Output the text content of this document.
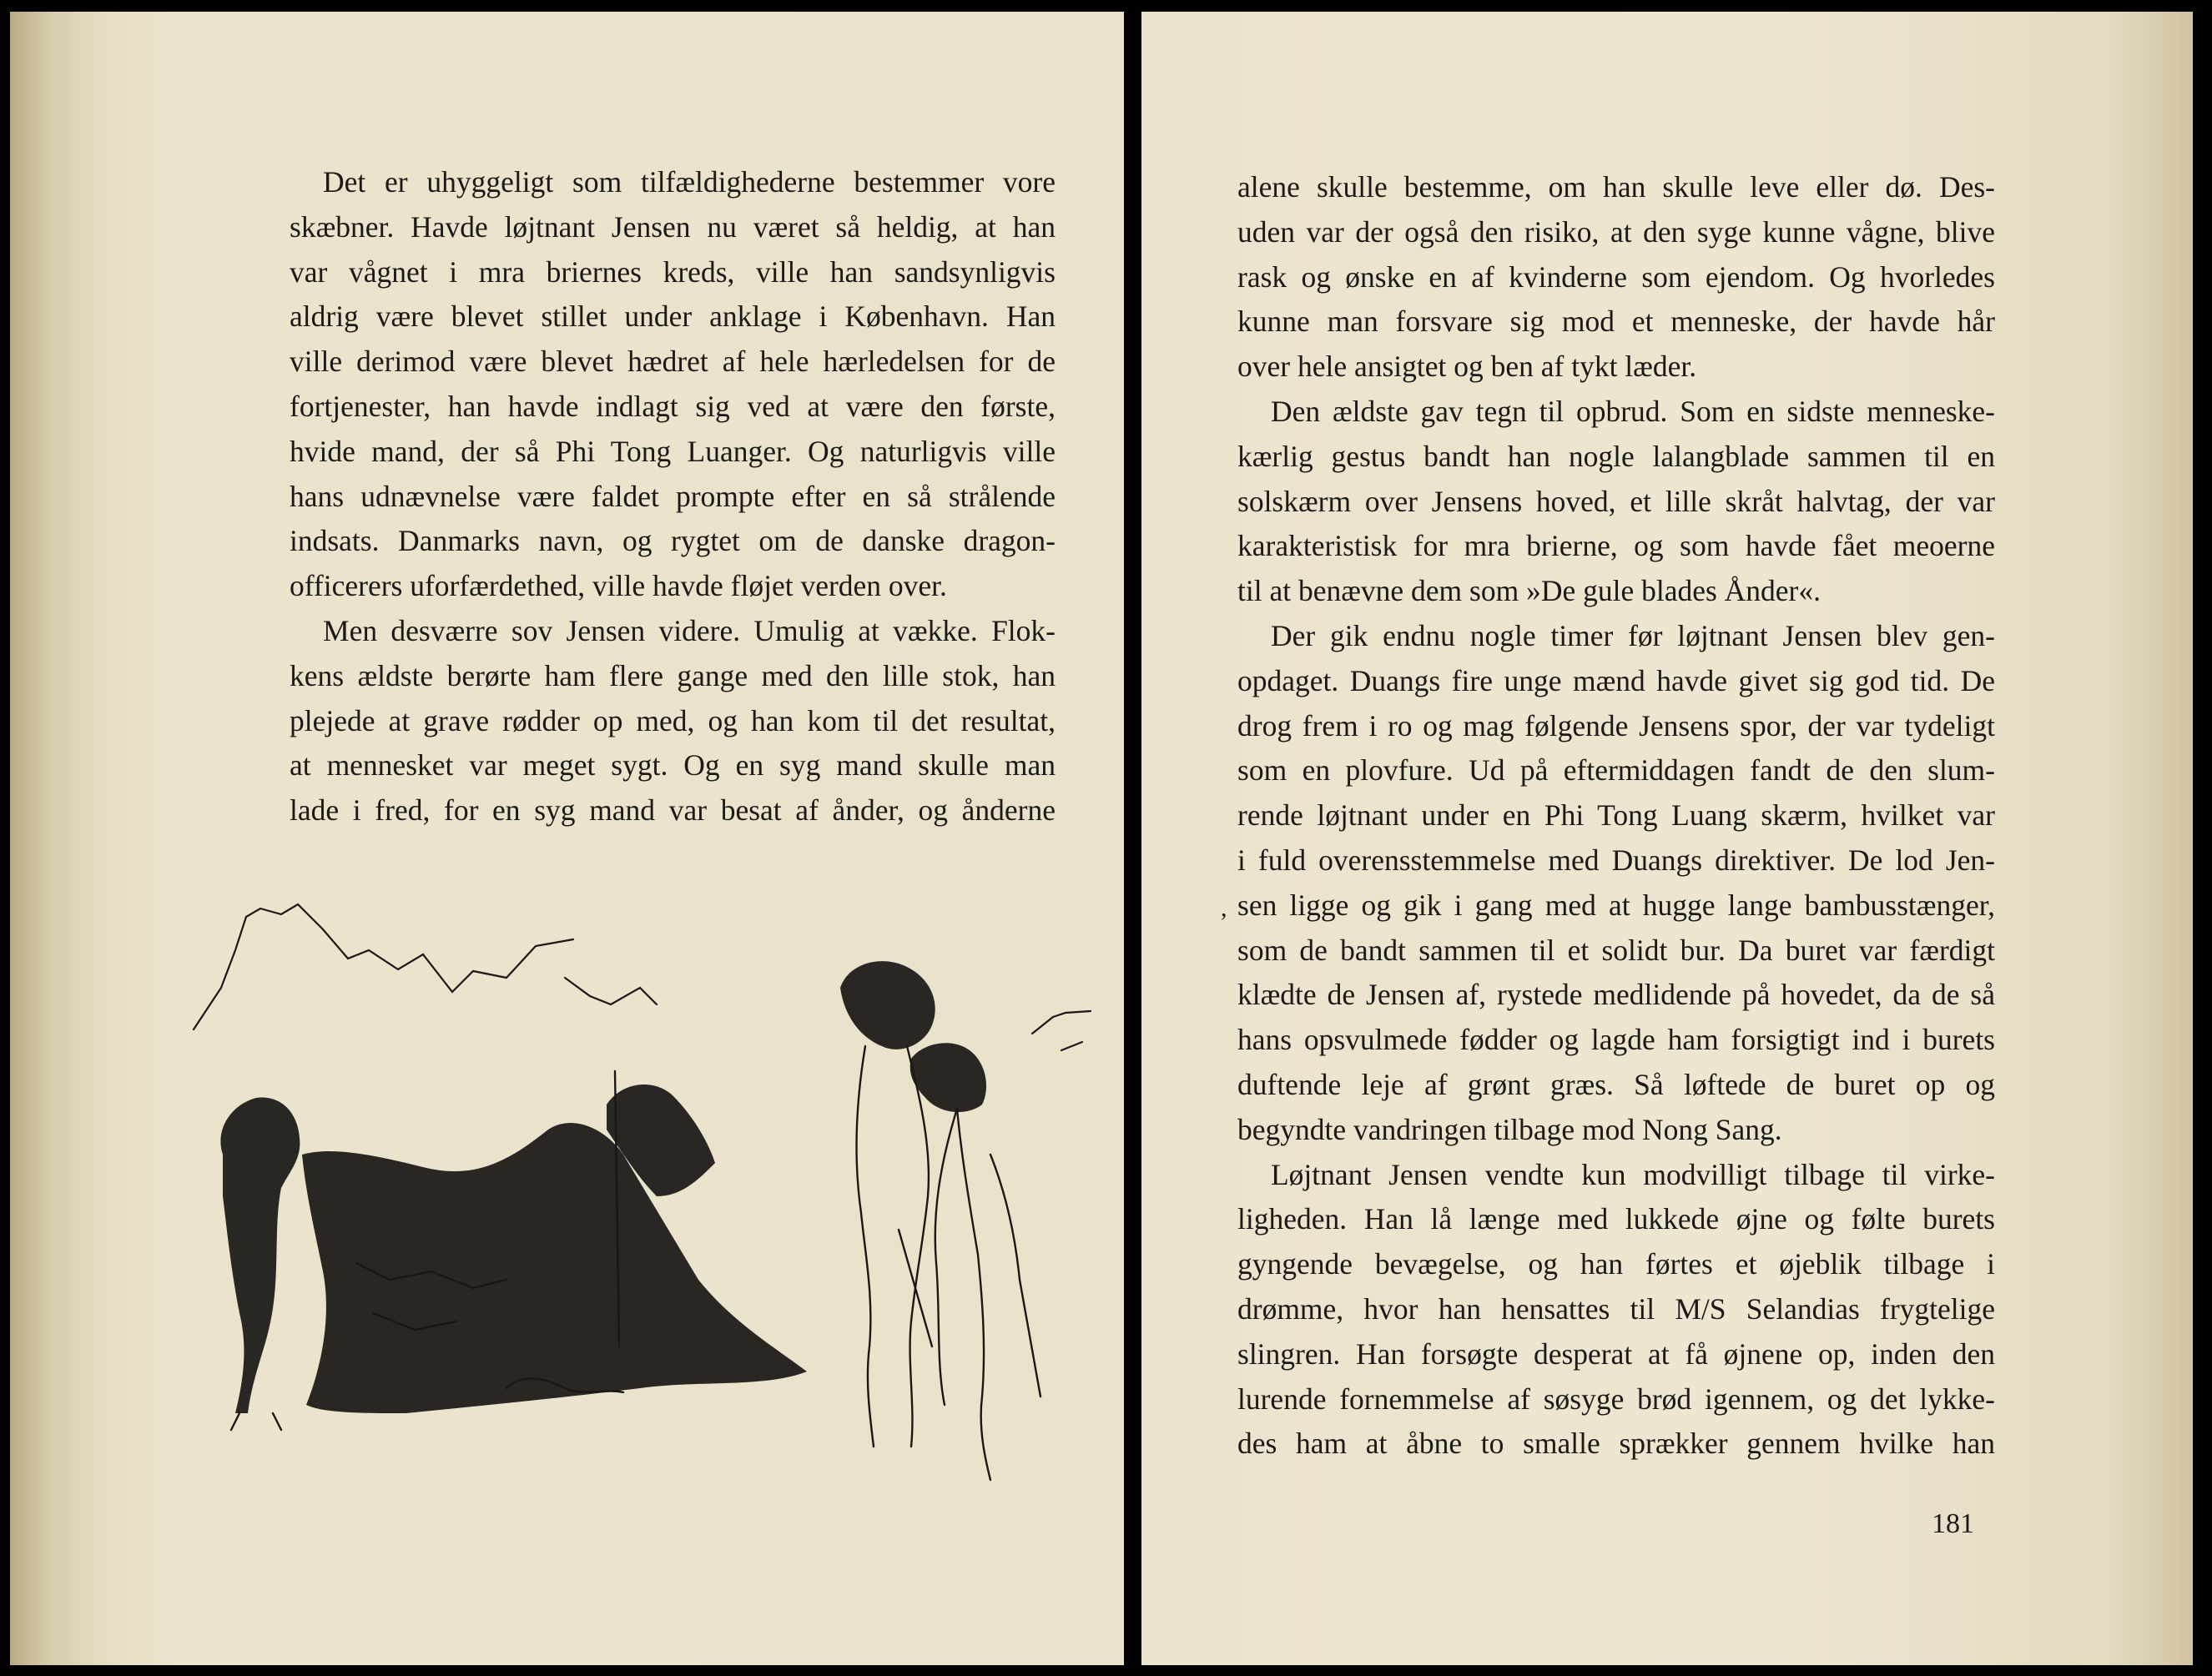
Det er uhyggeligt som tilfældighederne bestemmer vore

skæbner. Havde løjtnant Jensen nu været så heldig, at han

var vågnet i mra briernes kreds, ville han sandsynligvis

aldrig være blevet stillet under anklage i København. Han

ville derimod være blevet hædret af hele hærledelsen for de

fortjenester, han havde indlagt sig ved at være den første,

hvide mand, der så Phi Tong Luanger. Og naturligvis ville

hans udnævnelse være faldet prompte efter en så strålende

indsats. Danmarks navn, og rygtet om de danske dragon-

officerers uforfærdethed, ville havde fløjet verden over.

Men desværre sov Jensen videre. Umulig at vække. Flok-

kens ældste berørte ham flere gange med den lille stok, han

plejede at grave rødder op med, og han kom til det resultat,

at mennesket var meget sygt. Og en syg mand skulle man

lade i fred, for en syg mand var besat af ånder, og ånderne

alene skulle bestemme, om han skulle leve eller dø. Des-

uden var der også den risiko, at den syge kunne vågne, blive

rask og ønske en af kvinderne som ejendom. Og hvorledes

kunne man forsvare sig mod et menneske, der havde hår

over hele ansigtet og ben af tykt læder.

Den ældste gav tegn til opbrud. Som en sidste menneske-

kærlig gestus bandt han nogle lalangblade sammen til en

solskærm over Jensens hoved, et lille skråt halvtag, der var

karakteristisk for mra brierne, og som havde fået meoerne

til at benævne dem som »De gule blades Ånder«.

Der gik endnu nogle timer før løjtnant Jensen blev gen-

opdaget. Duangs fire unge mænd havde givet sig god tid. De

drog frem i ro og mag følgende Jensens spor, der var tydeligt

som en plovfure. Ud på eftermiddagen fandt de den slum-

rende løjtnant under en Phi Tong Luang skærm, hvilket var

i fuld overensstemmelse med Duangs direktiver. De lod Jen-

sen ligge og gik i gang med at hugge lange bambusstænger,

som de bandt sammen til et solidt bur. Da buret var færdigt

klædte de Jensen af, rystede medlidende på hovedet, da de så

hans opsvulmede fødder og lagde ham forsigtigt ind i burets

duftende leje af grønt græs. Så løftede de buret op og

begyndte vandringen tilbage mod Nong Sang.

Løjtnant Jensen vendte kun modvilligt tilbage til virke-

ligheden. Han lå længe med lukkede øjne og følte burets

gyngende bevægelse, og han førtes et øjeblik tilbage i

drømme, hvor han hensattes til M/S Selandias frygtelige

slingren. Han forsøgte desperat at få øjnene op, inden den

lurende fornemmelse af søsyge brød igennem, og det lykke-

des ham at åbne to smalle sprækker gennem hvilke han

,
181
